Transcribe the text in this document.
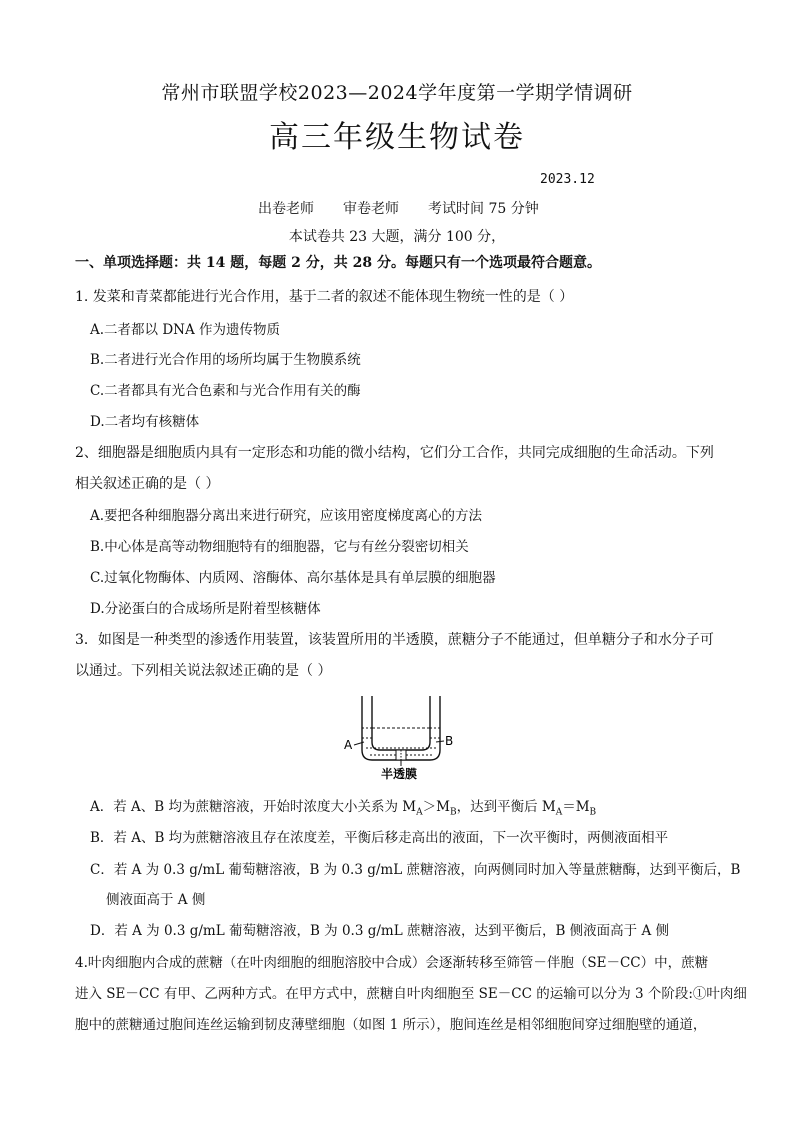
常州市联盟学校2023—2024学年度第一学期学情调研
高三年级生物试卷
2023.12
出卷老师 审卷老师 考试时间 75 分钟
本试卷共 23 大题，满分 100 分，
一、单项选择题：共 14 题，每题 2 分，共 28 分。每题只有一个选项最符合题意。
1. 发菜和青菜都能进行光合作用，基于二者的叙述不能体现生物统一性的是（ ）
A.二者都以 DNA 作为遗传物质
B.二者进行光合作用的场所均属于生物膜系统
C.二者都具有光合色素和与光合作用有关的酶
D.二者均有核糖体
2、细胞器是细胞质内具有一定形态和功能的微小结构，它们分工合作，共同完成细胞的生命活动。下列
相关叙述正确的是（ ）
A.要把各种细胞器分离出来进行研究，应该用密度梯度离心的方法
B.中心体是高等动物细胞特有的细胞器，它与有丝分裂密切相关
C.过氧化物酶体、内质网、溶酶体、高尔基体是具有单层膜的细胞器
D.分泌蛋白的合成场所是附着型核糖体
3．如图是一种类型的渗透作用装置，该装置所用的半透膜，蔗糖分子不能通过，但单糖分子和水分子可
以通过。下列相关说法叙述正确的是（ ）
A	B
半透膜
A．若 A、B 均为蔗糖溶液，开始时浓度大小关系为 $M_A>M_B$，达到平衡后 $M_A=M_B$
B．若 A、B 均为蔗糖溶液且存在浓度差，平衡后移走高出的液面，下一次平衡时，两侧液面相平
C．若 A 为 0.3 g/mL 葡萄糖溶液，B 为 0.3 g/mL 蔗糖溶液，向两侧同时加入等量蔗糖酶，达到平衡后，B
侧液面高于 A 侧
D．若 A 为 0.3 g/mL 葡萄糖溶液，B 为 0.3 g/mL 蔗糖溶液，达到平衡后，B 侧液面高于 A 侧
4.叶肉细胞内合成的蔗糖（在叶肉细胞的细胞溶胶中合成）会逐渐转移至筛管－伴胞（SE－CC）中，蔗糖
进入 SE－CC 有甲、乙两种方式。在甲方式中，蔗糖自叶肉细胞至 SE－CC 的运输可以分为 3 个阶段:①叶肉细
胞中的蔗糖通过胞间连丝运输到韧皮薄壁细胞（如图 1 所示），胞间连丝是相邻细胞间穿过细胞壁的通道，
